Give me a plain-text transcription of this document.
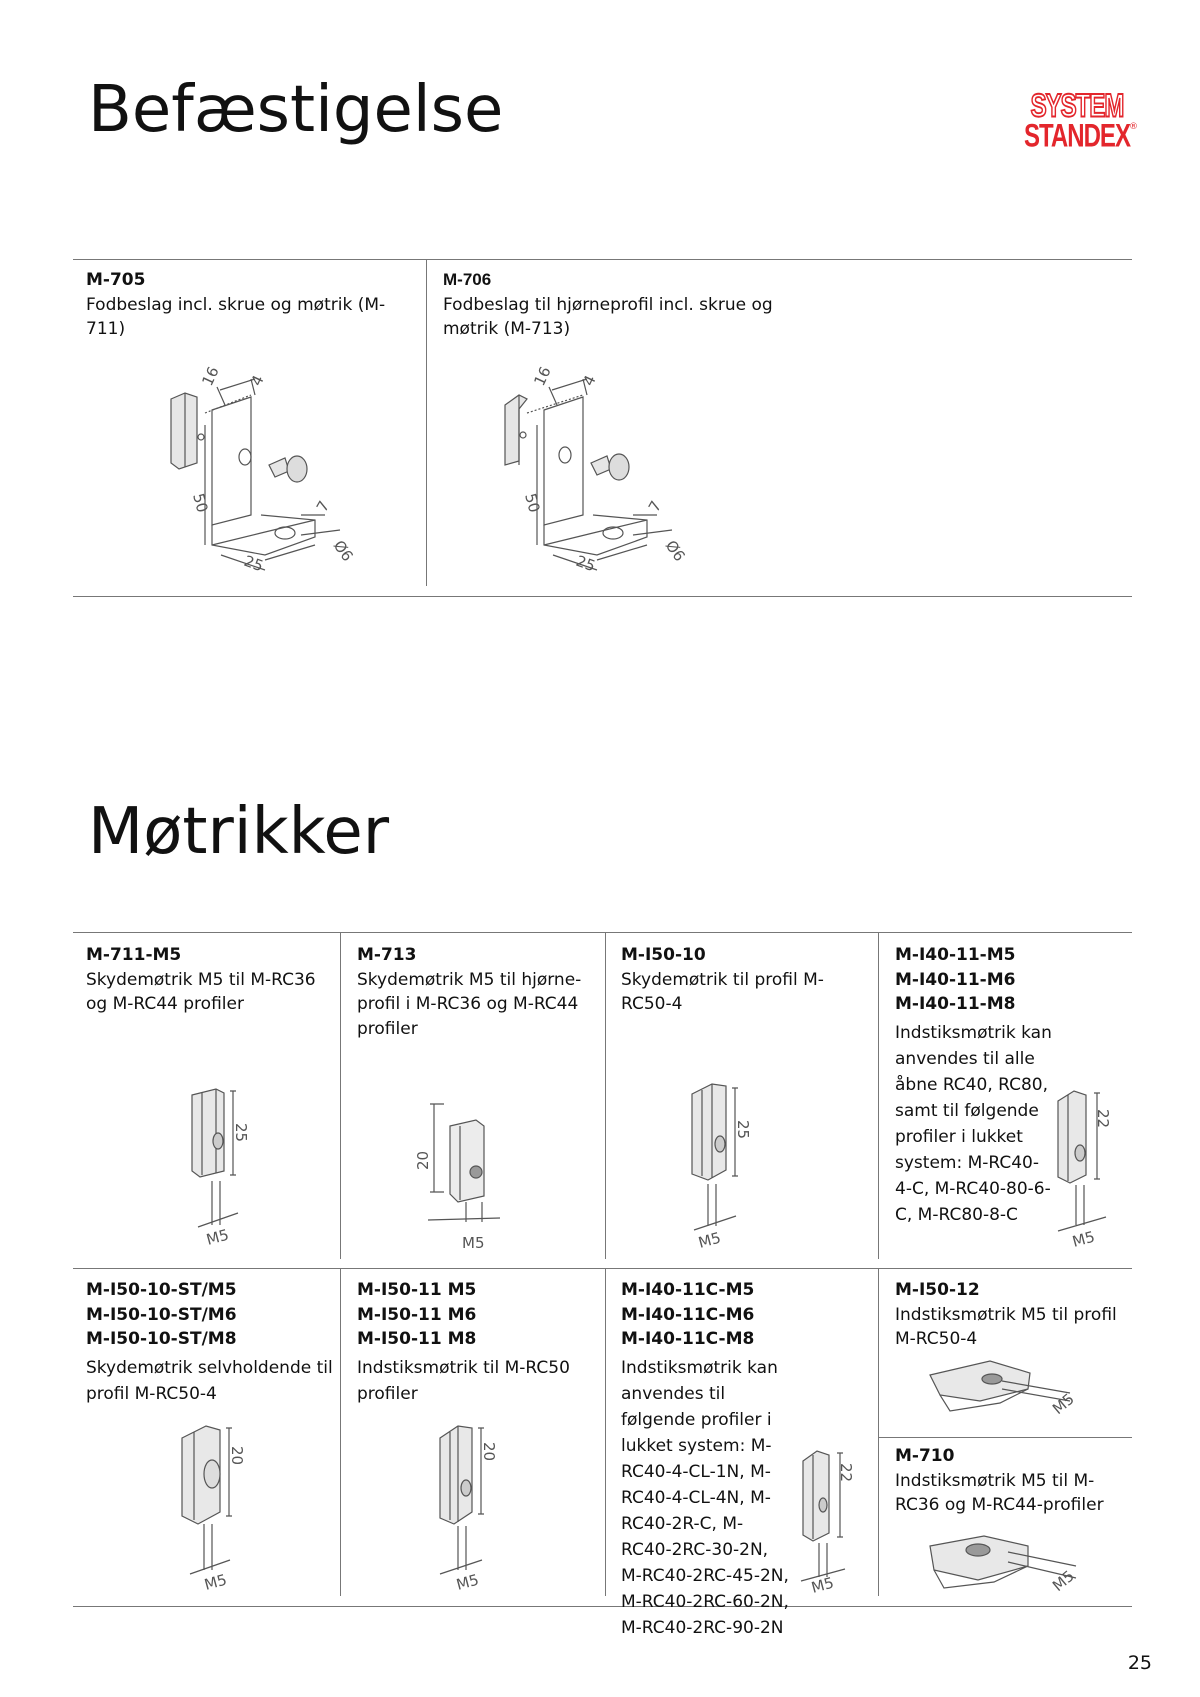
Befæstigelse
Møtrikker
SYSTEM
STANDEX ®
M-705
Fodbeslag incl. skrue og møtrik (M-711)
M-706
Fodbeslag til hjørneprofil incl. skrue og møtrik (M-713)
16 4
50	7
25	Ø6
16 4
50	7
25	Ø6
M-711-M5
Skydemøtrik M5 til M-RC36 og M-RC44 profiler
M-713
Skydemøtrik M5 til hjørne-profil i M-RC36 og M-RC44 profiler
M-I50-10
Skydemøtrik til profil M-RC50-4
M-I40-11-M5
M-I40-11-M6
M-I40-11-M8
Indstiksmøtrik kan anvendes til alle åbne RC40, RC80, samt til følgende profiler i lukket system: M-RC40-4-C, M-RC40-80-6-C, M-RC80-8-C
25
M5
20
M5
25
M5
22
M5
M-I50-10-ST/M5
M-I50-10-ST/M6
M-I50-10-ST/M8
Skydemøtrik selvholdende til profil M-RC50-4
M-I50-11 M5
M-I50-11 M6
M-I50-11 M8
Indstiksmøtrik til M-RC50 profiler
M-I40-11C-M5
M-I40-11C-M6
M-I40-11C-M8
Indstiksmøtrik kan anvendes til følgende profiler i lukket system: M-RC40-4-CL-1N, M-RC40-4-CL-4N, M-RC40-2R-C, M-RC40-2RC-30-2N, M-RC40-2RC-45-2N, M-RC40-2RC-60-2N, M-RC40-2RC-90-2N
M-I50-12
Indstiksmøtrik M5 til profil M-RC50-4
M-710
Indstiksmøtrik M5 til M-RC36 og M-RC44-profiler
20
M5
20
M5
22
M5
M5
M5
25
